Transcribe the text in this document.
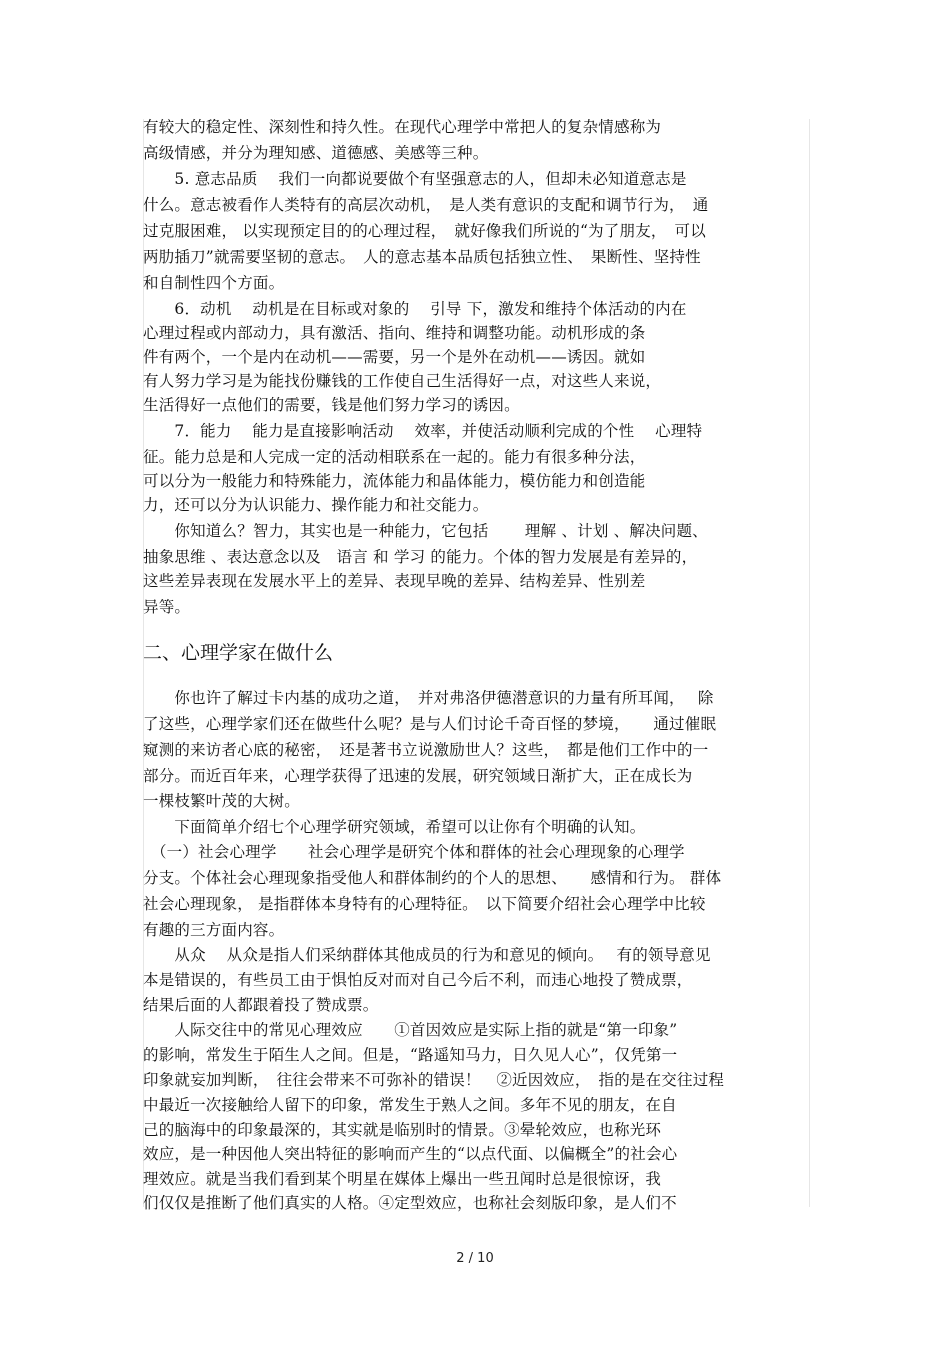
有较大的稳定性、深刻性和持久性。在现代心理学中常把人的复杂情感称为
高级情感，并分为理知感、道德感、美感等三种。
　　5. 意志品质　 我们一向都说要做个有坚强意志的人，但却未必知道意志是
什么。意志被看作人类特有的高层次动机，　是人类有意识的支配和调节行为，　通
过克服困难， 以实现预定目的的心理过程，　就好像我们所说的“为了朋友，　可以
两肋插刀”就需要坚韧的意志。　人的意志基本品质包括独立性、　果断性、坚持性
和自制性四个方面。
　　6．动机　 动机是在目标或对象的　 引导 下，激发和维持个体活动的内在
心理过程或内部动力，具有激活、指向、维持和调整功能。动机形成的条
件有两个，一个是内在动机——需要，另一个是外在动机——诱因。就如
有人努力学习是为能找份赚钱的工作使自己生活得好一点，对这些人来说，
生活得好一点他们的需要，钱是他们努力学习的诱因。
　　7．能力　 能力是直接影响活动　 效率，并使活动顺利完成的个性　 心理特
征。能力总是和人完成一定的活动相联系在一起的。能力有很多种分法，
可以分为一般能力和特殊能力，流体能力和晶体能力，模仿能力和创造能
力，还可以分为认识能力、操作能力和社交能力。
　　你知道么？智力，其实也是一种能力，它包括　　 理解 、计划 、解决问题、
抽象思维 、表达意念以及　语言 和 学习 的能力。个体的智力发展是有差异的，
这些差异表现在发展水平上的差异、表现早晚的差异、结构差异、性别差
异等。
二、心理学家在做什么
　　你也许了解过卡内基的成功之道，　并对弗洛伊德潜意识的力量有所耳闻，　 除
了这些，心理学家们还在做些什么呢？是与人们讨论千奇百怪的梦境，　　通过催眠
窥测的来访者心底的秘密，　还是著书立说激励世人？这些，　都是他们工作中的一
部分。而近百年来，心理学获得了迅速的发展，研究领域日渐扩大，正在成长为
一棵枝繁叶茂的大树。
　　下面简单介绍七个心理学研究领域，希望可以让你有个明确的认知。
　（一）社会心理学　　社会心理学是研究个体和群体的社会心理现象的心理学
分支。个体社会心理现象指受他人和群体制约的个人的思想、　　感情和行为。 群体
社会心理现象， 是指群体本身特有的心理特征。　以下简要介绍社会心理学中比较
有趣的三方面内容。
　　从众　 从众是指人们采纳群体其他成员的行为和意见的倾向。　 有的领导意见
本是错误的，有些员工由于惧怕反对而对自己今后不利，而违心地投了赞成票，
结果后面的人都跟着投了赞成票。
　　人际交往中的常见心理效应　　①首因效应是实际上指的就是“第一印象”
的影响，常发生于陌生人之间。但是，“路遥知马力，日久见人心”，仅凭第一
印象就妄加判断，　往往会带来不可弥补的错误！　②近因效应，　指的是在交往过程
中最近一次接触给人留下的印象，常发生于熟人之间。多年不见的朋友，在自
己的脑海中的印象最深的，其实就是临别时的情景。③晕轮效应，也称光环
效应，是一种因他人突出特征的影响而产生的“以点代面、以偏概全”的社会心
理效应。就是当我们看到某个明星在媒体上爆出一些丑闻时总是很惊讶，我
们仅仅是推断了他们真实的人格。④定型效应，也称社会刻版印象，是人们不
2 / 10
